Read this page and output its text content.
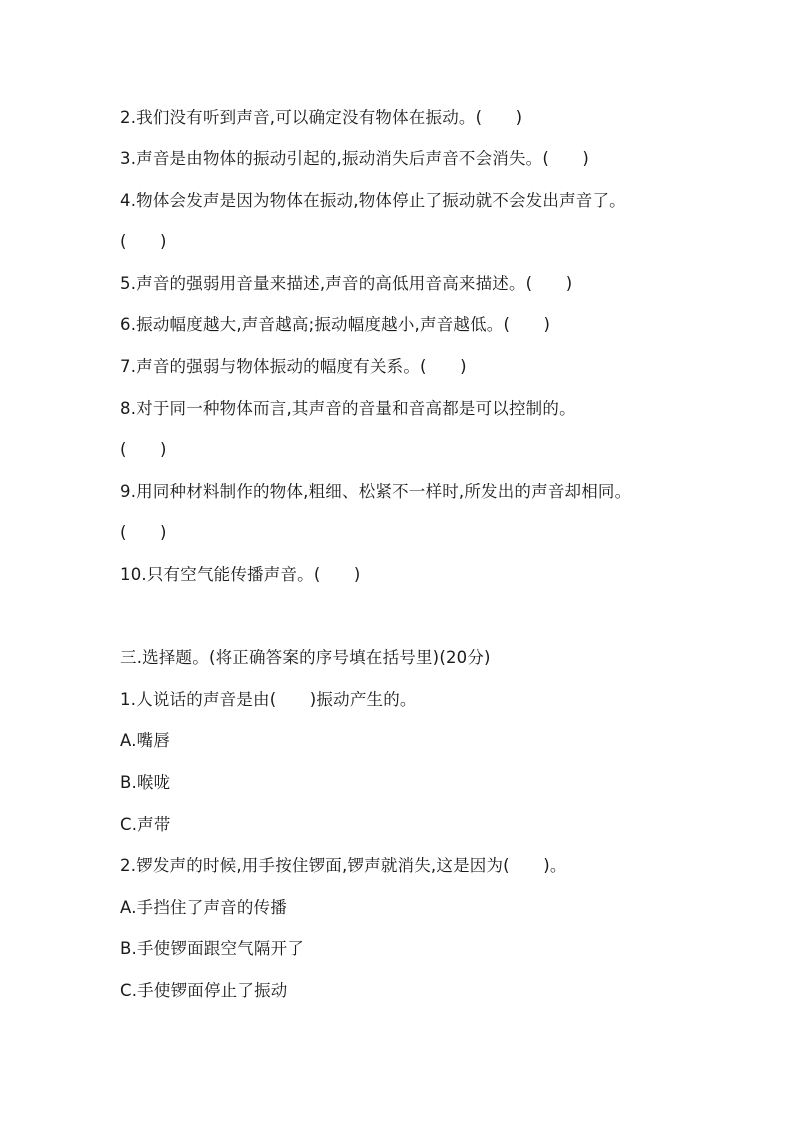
2.我们没有听到声音,可以确定没有物体在振动。(　　)
3.声音是由物体的振动引起的,振动消失后声音不会消失。(　　)
4.物体会发声是因为物体在振动,物体停止了振动就不会发出声音了。
(　　)
5.声音的强弱用音量来描述,声音的高低用音高来描述。(　　)
6.振动幅度越大,声音越高;振动幅度越小,声音越低。(　　)
7.声音的强弱与物体振动的幅度有关系。(　　)
8.对于同一种物体而言,其声音的音量和音高都是可以控制的。
(　　)
9.用同种材料制作的物体,粗细、松紧不一样时,所发出的声音却相同。
(　　)
10.只有空气能传播声音。(　　)
三.选择题。(将正确答案的序号填在括号里)(20分)
1.人说话的声音是由(　　)振动产生的。
A.嘴唇
B.喉咙
C.声带
2.锣发声的时候,用手按住锣面,锣声就消失,这是因为(　　)。
A.手挡住了声音的传播
B.手使锣面跟空气隔开了
C.手使锣面停止了振动
